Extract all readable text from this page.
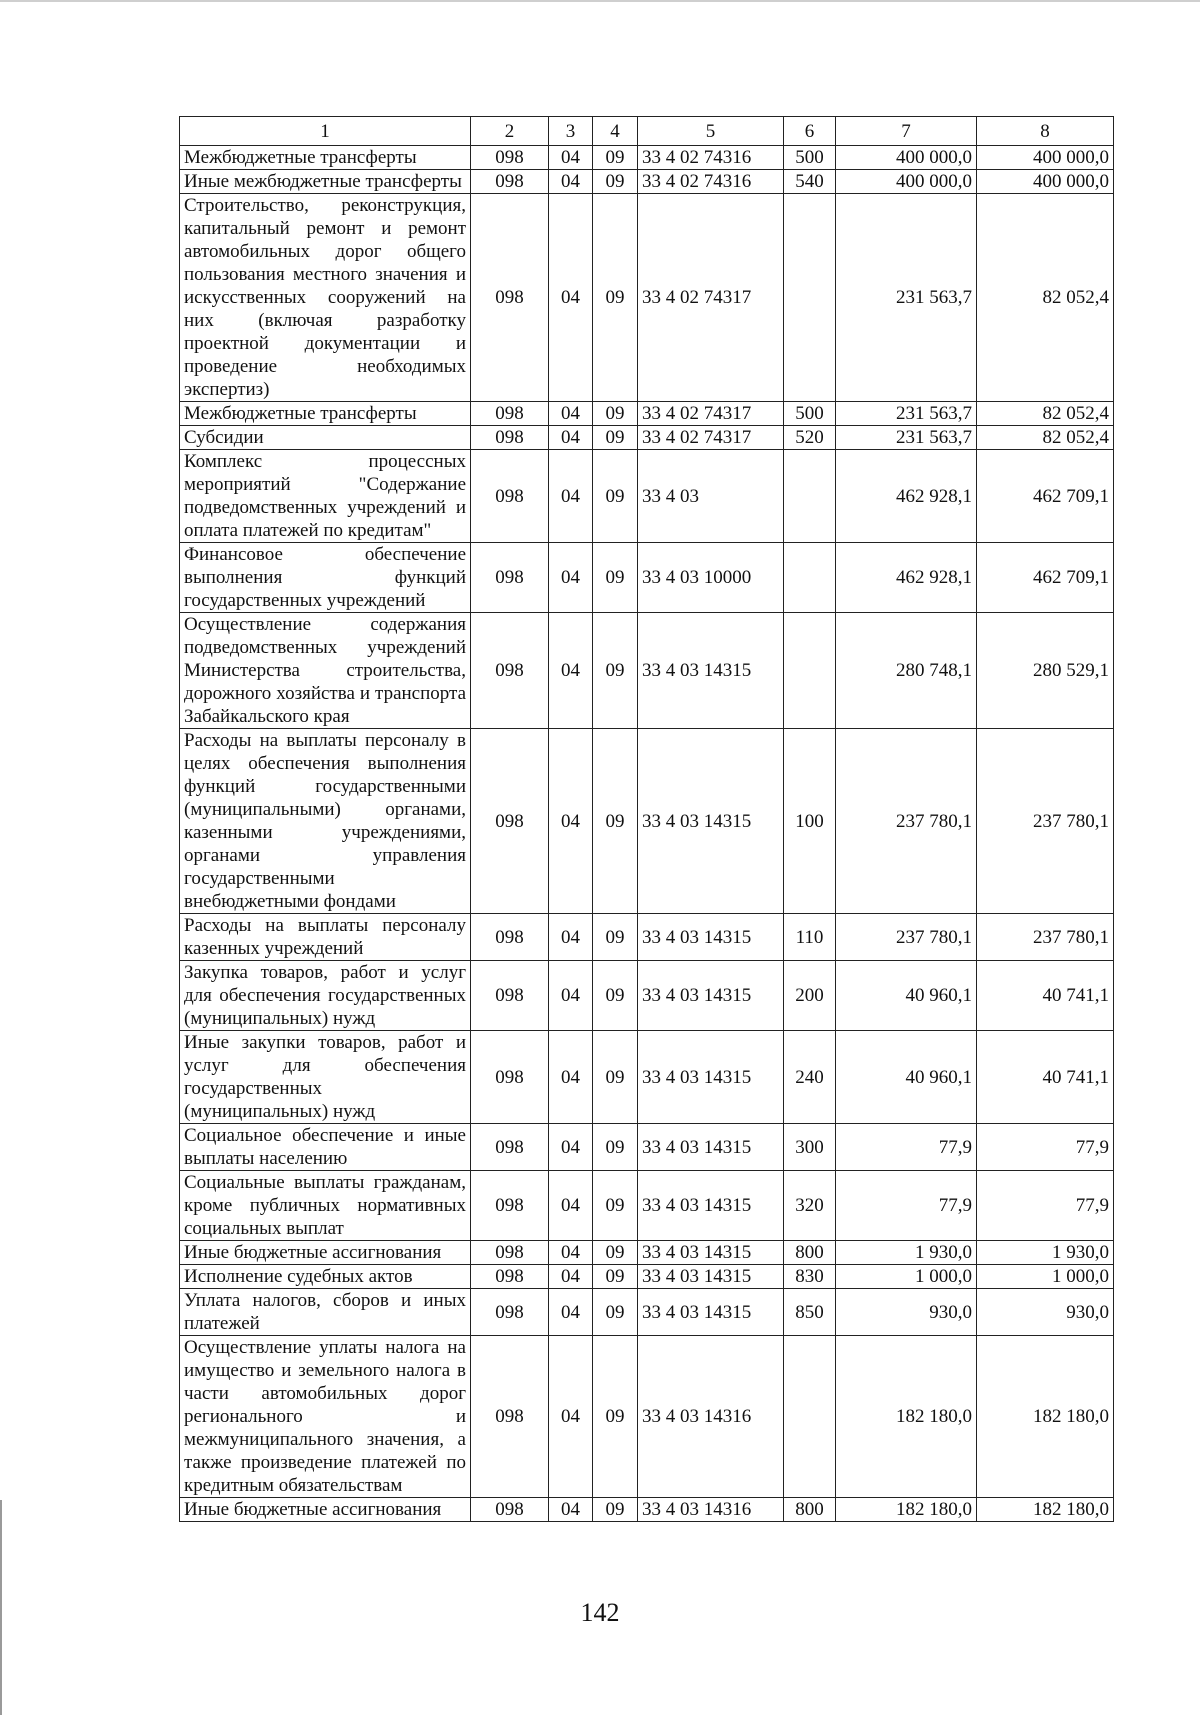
1	2	3	4	5	6	7	8
Межбюджетные трансферты	098	04	09	33 4 02 74316	500	400 000,0	400 000,0
Иные межбюджетные трансферты	098	04	09	33 4 02 74316	540	400 000,0	400 000,0
Строительство, реконструкция, капитальный ремонт и ремонт автомобильных дорог общего пользования местного значения и искусственных сооружений на них (включая разработку проектной документации и проведение необходимых экспертиз)	098	04	09	33 4 02 74317		231 563,7	82 052,4
Межбюджетные трансферты	098	04	09	33 4 02 74317	500	231 563,7	82 052,4
Субсидии	098	04	09	33 4 02 74317	520	231 563,7	82 052,4
Комплекс процессных мероприятий "Содержание подведомственных учреждений и оплата платежей по кредитам"	098	04	09	33 4 03		462 928,1	462 709,1
Финансовое обеспечение выполнения функций государственных учреждений	098	04	09	33 4 03 10000		462 928,1	462 709,1
Осуществление содержания подведомственных учреждений Министерства строительства, дорожного хозяйства и транспорта Забайкальского края	098	04	09	33 4 03 14315		280 748,1	280 529,1
Расходы на выплаты персоналу в целях обеспечения выполнения функций государственными (муниципальными) органами, казенными учреждениями, органами управления государственными внебюджетными фондами	098	04	09	33 4 03 14315	100	237 780,1	237 780,1
Расходы на выплаты персоналу казенных учреждений	098	04	09	33 4 03 14315	110	237 780,1	237 780,1
Закупка товаров, работ и услуг для обеспечения государственных (муниципальных) нужд	098	04	09	33 4 03 14315	200	40 960,1	40 741,1
Иные закупки товаров, работ и услуг для обеспечения государственных (муниципальных) нужд	098	04	09	33 4 03 14315	240	40 960,1	40 741,1
Социальное обеспечение и иные выплаты населению	098	04	09	33 4 03 14315	300	77,9	77,9
Социальные выплаты гражданам, кроме публичных нормативных социальных выплат	098	04	09	33 4 03 14315	320	77,9	77,9
Иные бюджетные ассигнования	098	04	09	33 4 03 14315	800	1 930,0	1 930,0
Исполнение судебных актов	098	04	09	33 4 03 14315	830	1 000,0	1 000,0
Уплата налогов, сборов и иных платежей	098	04	09	33 4 03 14315	850	930,0	930,0
Осуществление уплаты налога на имущество и земельного налога в части автомобильных дорог регионального и межмуниципального значения, а также произведение платежей по кредитным обязательствам	098	04	09	33 4 03 14316		182 180,0	182 180,0
Иные бюджетные ассигнования	098	04	09	33 4 03 14316	800	182 180,0	182 180,0
142
